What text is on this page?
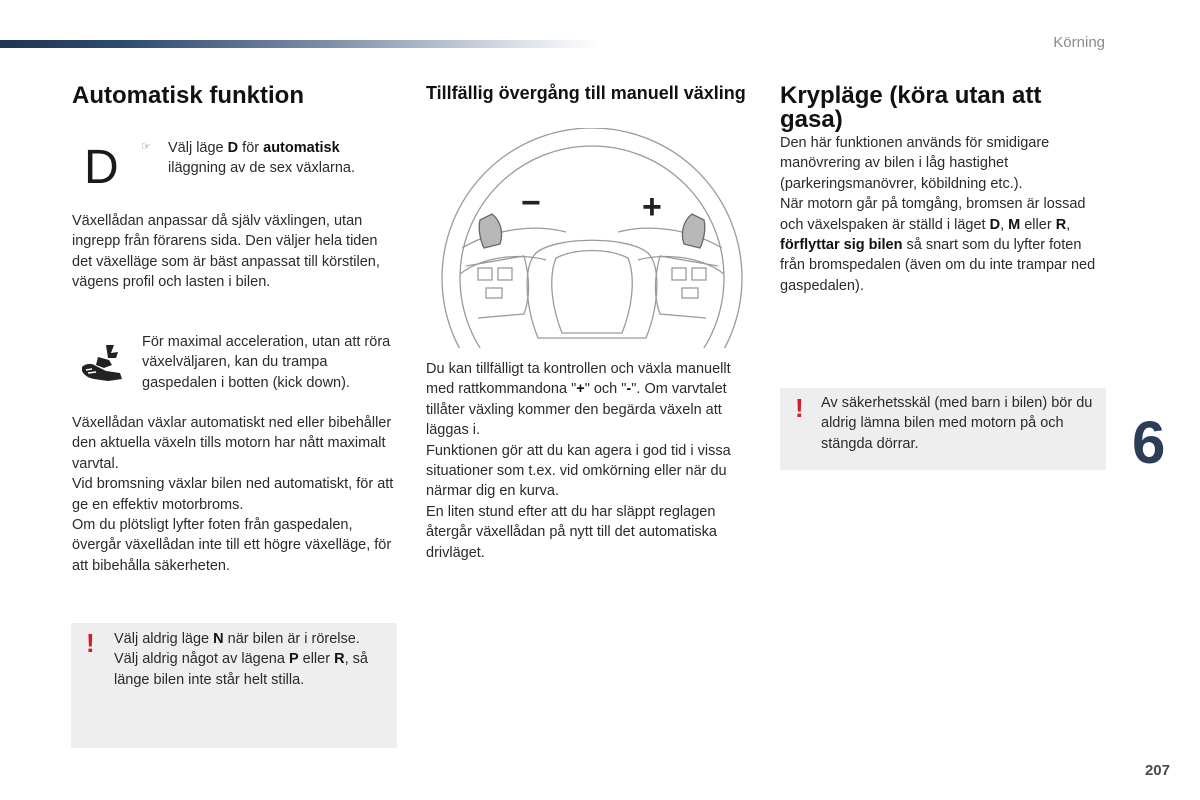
Körning
6
207
Automatisk funktion
D ☞ Välj läge D för automatisk iläggning av de sex växlarna.

Växellådan anpassar då själv växlingen, utan ingrepp från förarens sida. Den väljer hela tiden det växelläge som är bäst anpassat till körstilen, vägens profil och lasten i bilen.

För maximal acceleration, utan att röra växelväljaren, kan du trampa gaspedalen i botten (kick down).

Växellådan växlar automatiskt ned eller bibehåller den aktuella växeln tills motorn har nått maximalt varvtal.
Vid bromsning växlar bilen ned automatiskt, för att ge en effektiv motorbroms.
Om du plötsligt lyfter foten från gaspedalen, övergår växellådan inte till ett högre växelläge, för att bibehålla säkerheten.

! Välj aldrig läge N när bilen är i rörelse.
Välj aldrig något av lägena P eller R, så länge bilen inte står helt stilla.

Tillfällig övergång till manuell växling
−	+

Du kan tillfälligt ta kontrollen och växla manuellt med rattkommandona "+" och "-". Om varvtalet tillåter växling kommer den begärda växeln att läggas i.
Funktionen gör att du kan agera i god tid i vissa situationer som t.ex. vid omkörning eller när du närmar dig en kurva.
En liten stund efter att du har släppt reglagen återgår växellådan på nytt till det automatiska drivläget.

Krypläge (köra utan att gasa)

Den här funktionen används för smidigare manövrering av bilen i låg hastighet (parkeringsmanövrer, köbildning etc.).
När motorn går på tomgång, bromsen är lossad och växelspaken är ställd i läget D, M eller R, förflyttar sig bilen så snart som du lyfter foten från bromspedalen (även om du inte trampar ned gaspedalen).

! Av säkerhetsskäl (med barn i bilen) bör du aldrig lämna bilen med motorn på och stängda dörrar.
